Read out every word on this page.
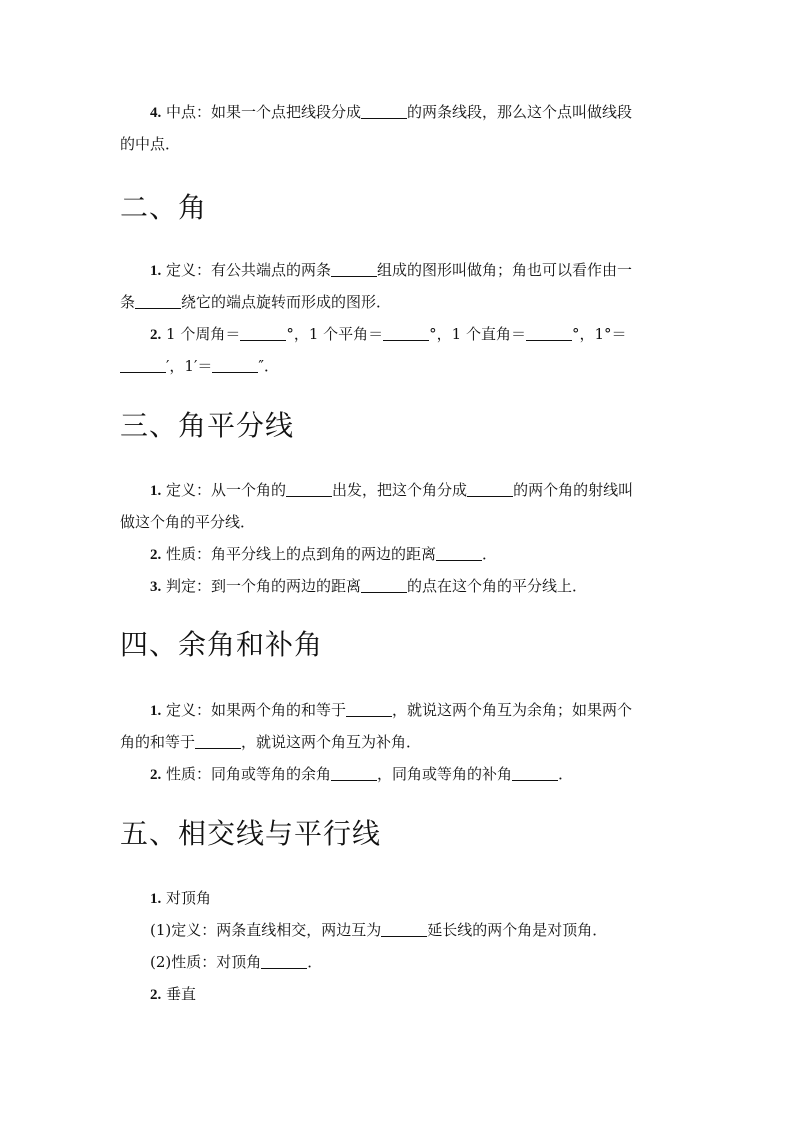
4. 中点：如果一个点把线段分成	的两条线段，那么这个点叫做线段
的中点．
二、角
1. 定义：有公共端点的两条	组成的图形叫做角；角也可以看作由一
条	绕它的端点旋转而形成的图形．
2. 1 个周角＝	°，1 个平角＝	°，1 个直角＝	°，1°＝
′，1′＝	″．
三、角平分线
1. 定义：从一个角的	出发，把这个角分成	的两个角的射线叫
做这个角的平分线．
2. 性质：角平分线上的点到角的两边的距离	．
3. 判定：到一个角的两边的距离	的点在这个角的平分线上．
四、余角和补角
1. 定义：如果两个角的和等于	，就说这两个角互为余角；如果两个
角的和等于	，就说这两个角互为补角．
2. 性质：同角或等角的余角	，同角或等角的补角	．
五、相交线与平行线
1. 对顶角
(1)定义：两条直线相交，两边互为	延长线的两个角是对顶角．
(2)性质：对顶角	．
2. 垂直
